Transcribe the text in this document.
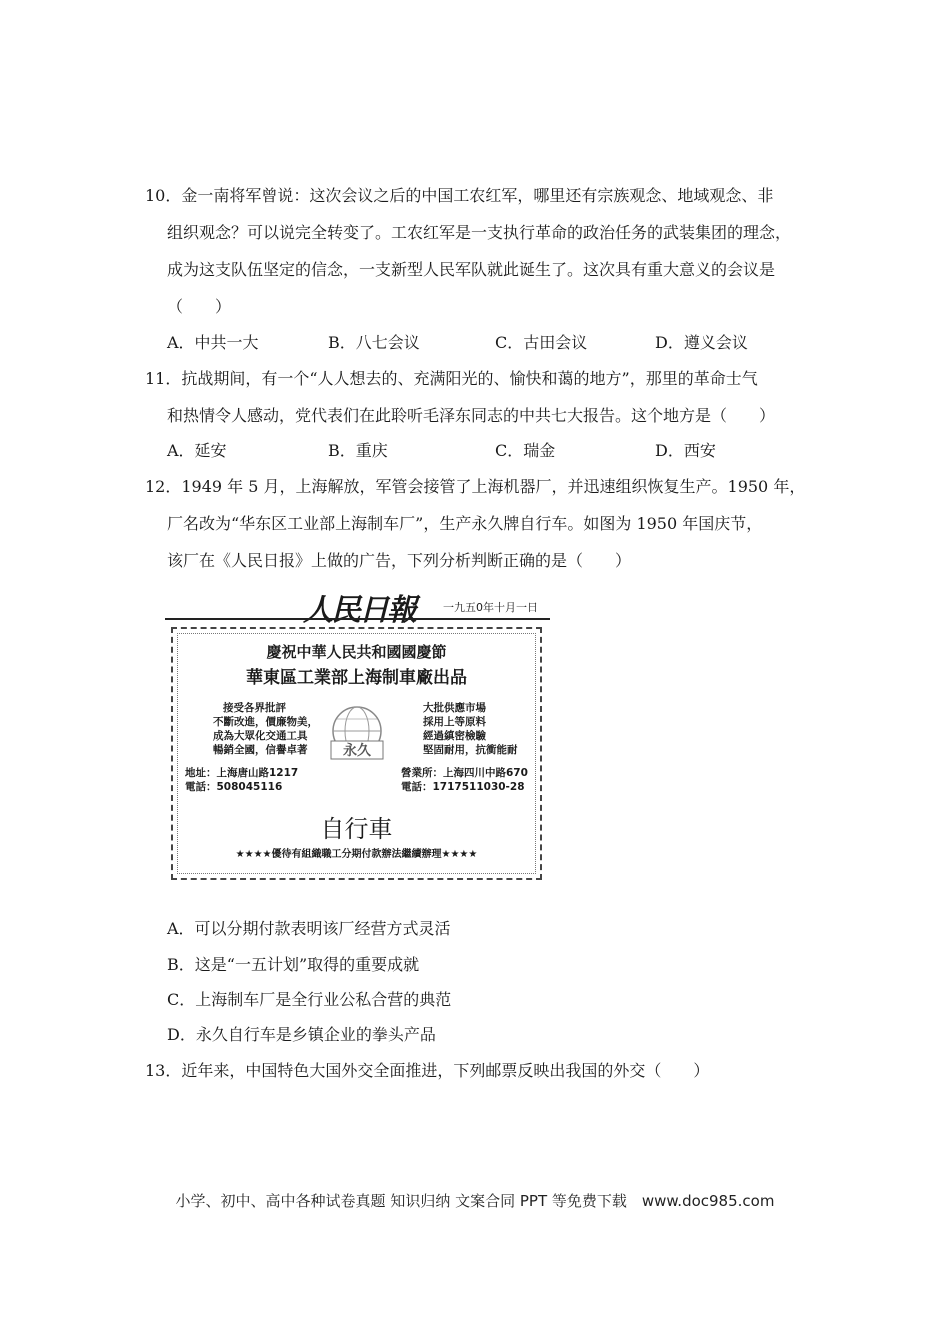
10．金一南将军曾说：这次会议之后的中国工农红军，哪里还有宗族观念、地域观念、非
组织观念？可以说完全转变了。工农红军是一支执行革命的政治任务的武装集团的理念，
成为这支队伍坚定的信念，一支新型人民军队就此诞生了。这次具有重大意义的会议是
（　　）
A．中共一大	B．八七会议	C．古田会议	D．遵义会议
11．抗战期间，有一个“人人想去的、充满阳光的、愉快和蔼的地方”，那里的革命士气
和热情令人感动，党代表们在此聆听毛泽东同志的中共七大报告。这个地方是（　　）
A．延安	B．重庆	C．瑞金	D．西安
12．1949 年 5 月，上海解放，军管会接管了上海机器厂，并迅速组织恢复生产。1950 年，
厂名改为“华东区工业部上海制车厂”，生产永久牌自行车。如图为 1950 年国庆节，
该厂在《人民日报》上做的广告，下列分析判断正确的是（　　）
人民日報	一九五0年十月一日
慶祝中華人民共和國國慶節
華東區工業部上海制車廠出品
接受各界批評
不斷改進，價廉物美，
成為大眾化交通工具
暢銷全國，信譽卓著	永久
大批供應市場
採用上等原料
經過縝密檢驗
堅固耐用，抗衝能耐
地址：上海唐山路1217
電話：508045116
營業所：上海四川中路670
電話：1717511030-28
自行車
★★★★優待有組織職工分期付款辦法繼續辦理★★★★
A．可以分期付款表明该厂经营方式灵活
B．这是“一五计划”取得的重要成就
C．上海制车厂是全行业公私合营的典范
D．永久自行车是乡镇企业的拳头产品
13．近年来，中国特色大国外交全面推进，下列邮票反映出我国的外交（　　）
小学、初中、高中各种试卷真题 知识归纳 文案合同 PPT 等免费下载　www.doc985.com
